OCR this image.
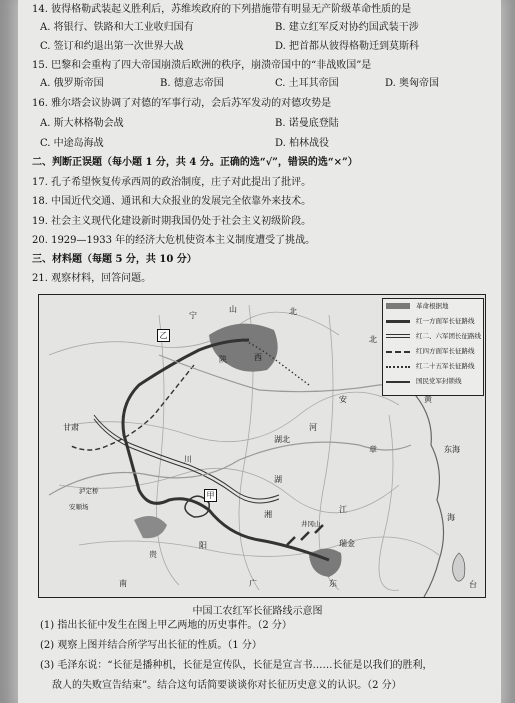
14. 彼得格勒武装起义胜利后，苏维埃政府的下列措施带有明显无产阶级革命性质的是
A. 将银行、铁路和大工业收归国有	B. 建立红军反对协约国武装干涉
C. 签订和约退出第一次世界大战	D. 把首都从彼得格勒迁到莫斯科
15. 巴黎和会重构了四大帝国崩溃后欧洲的秩序，崩溃帝国中的“非战败国”是
A. 俄罗斯帝国	B. 德意志帝国	C. 土耳其帝国	D. 奥匈帝国
16. 雅尔塔会议协调了对德的军事行动，会后苏军发动的对德攻势是
A. 斯大林格勒会战	B. 诺曼底登陆
C. 中途岛海战	D. 柏林战役
二、判断正误题（每小题 1 分，共 4 分。正确的选“√”，错误的选“×”）
17. 孔子希望恢复传承西周的政治制度，庄子对此提出了批评。
18. 中国近代交通、通讯和大众报业的发展完全依靠外来技术。
19. 社会主义现代化建设新时期我国仍处于社会主义初级阶段。
20. 1929—1933 年的经济大危机使资本主义制度遭受了挑战。
三、材料题（每题 5 分，共 10 分）
21. 观察材料，回答问题。
革命根据地
红一方面军长征路线
红二、六军团长征路线
红四方面军长征路线
红二十五军长征路线
国民党军封锁线
乙
甲
甘肃
安顺场
泸定桥
川
贵
阳
湖
江
井冈山
瑞金
南	广	东
海
黄
河
山
西
宁
陕
台
安
湖北
湘
章	东海
北
北
中国工农红军长征路线示意图
(1) 指出长征中发生在图上甲乙两地的历史事件。（2 分）
(2) 观察上图并结合所学写出长征的性质。（1 分）
(3) 毛泽东说：“长征是播种机，长征是宣传队，长征是宣言书……长征是以我们的胜利，
敌人的失败宣告结束”。结合这句话简要谈谈你对长征历史意义的认识。（2 分）
